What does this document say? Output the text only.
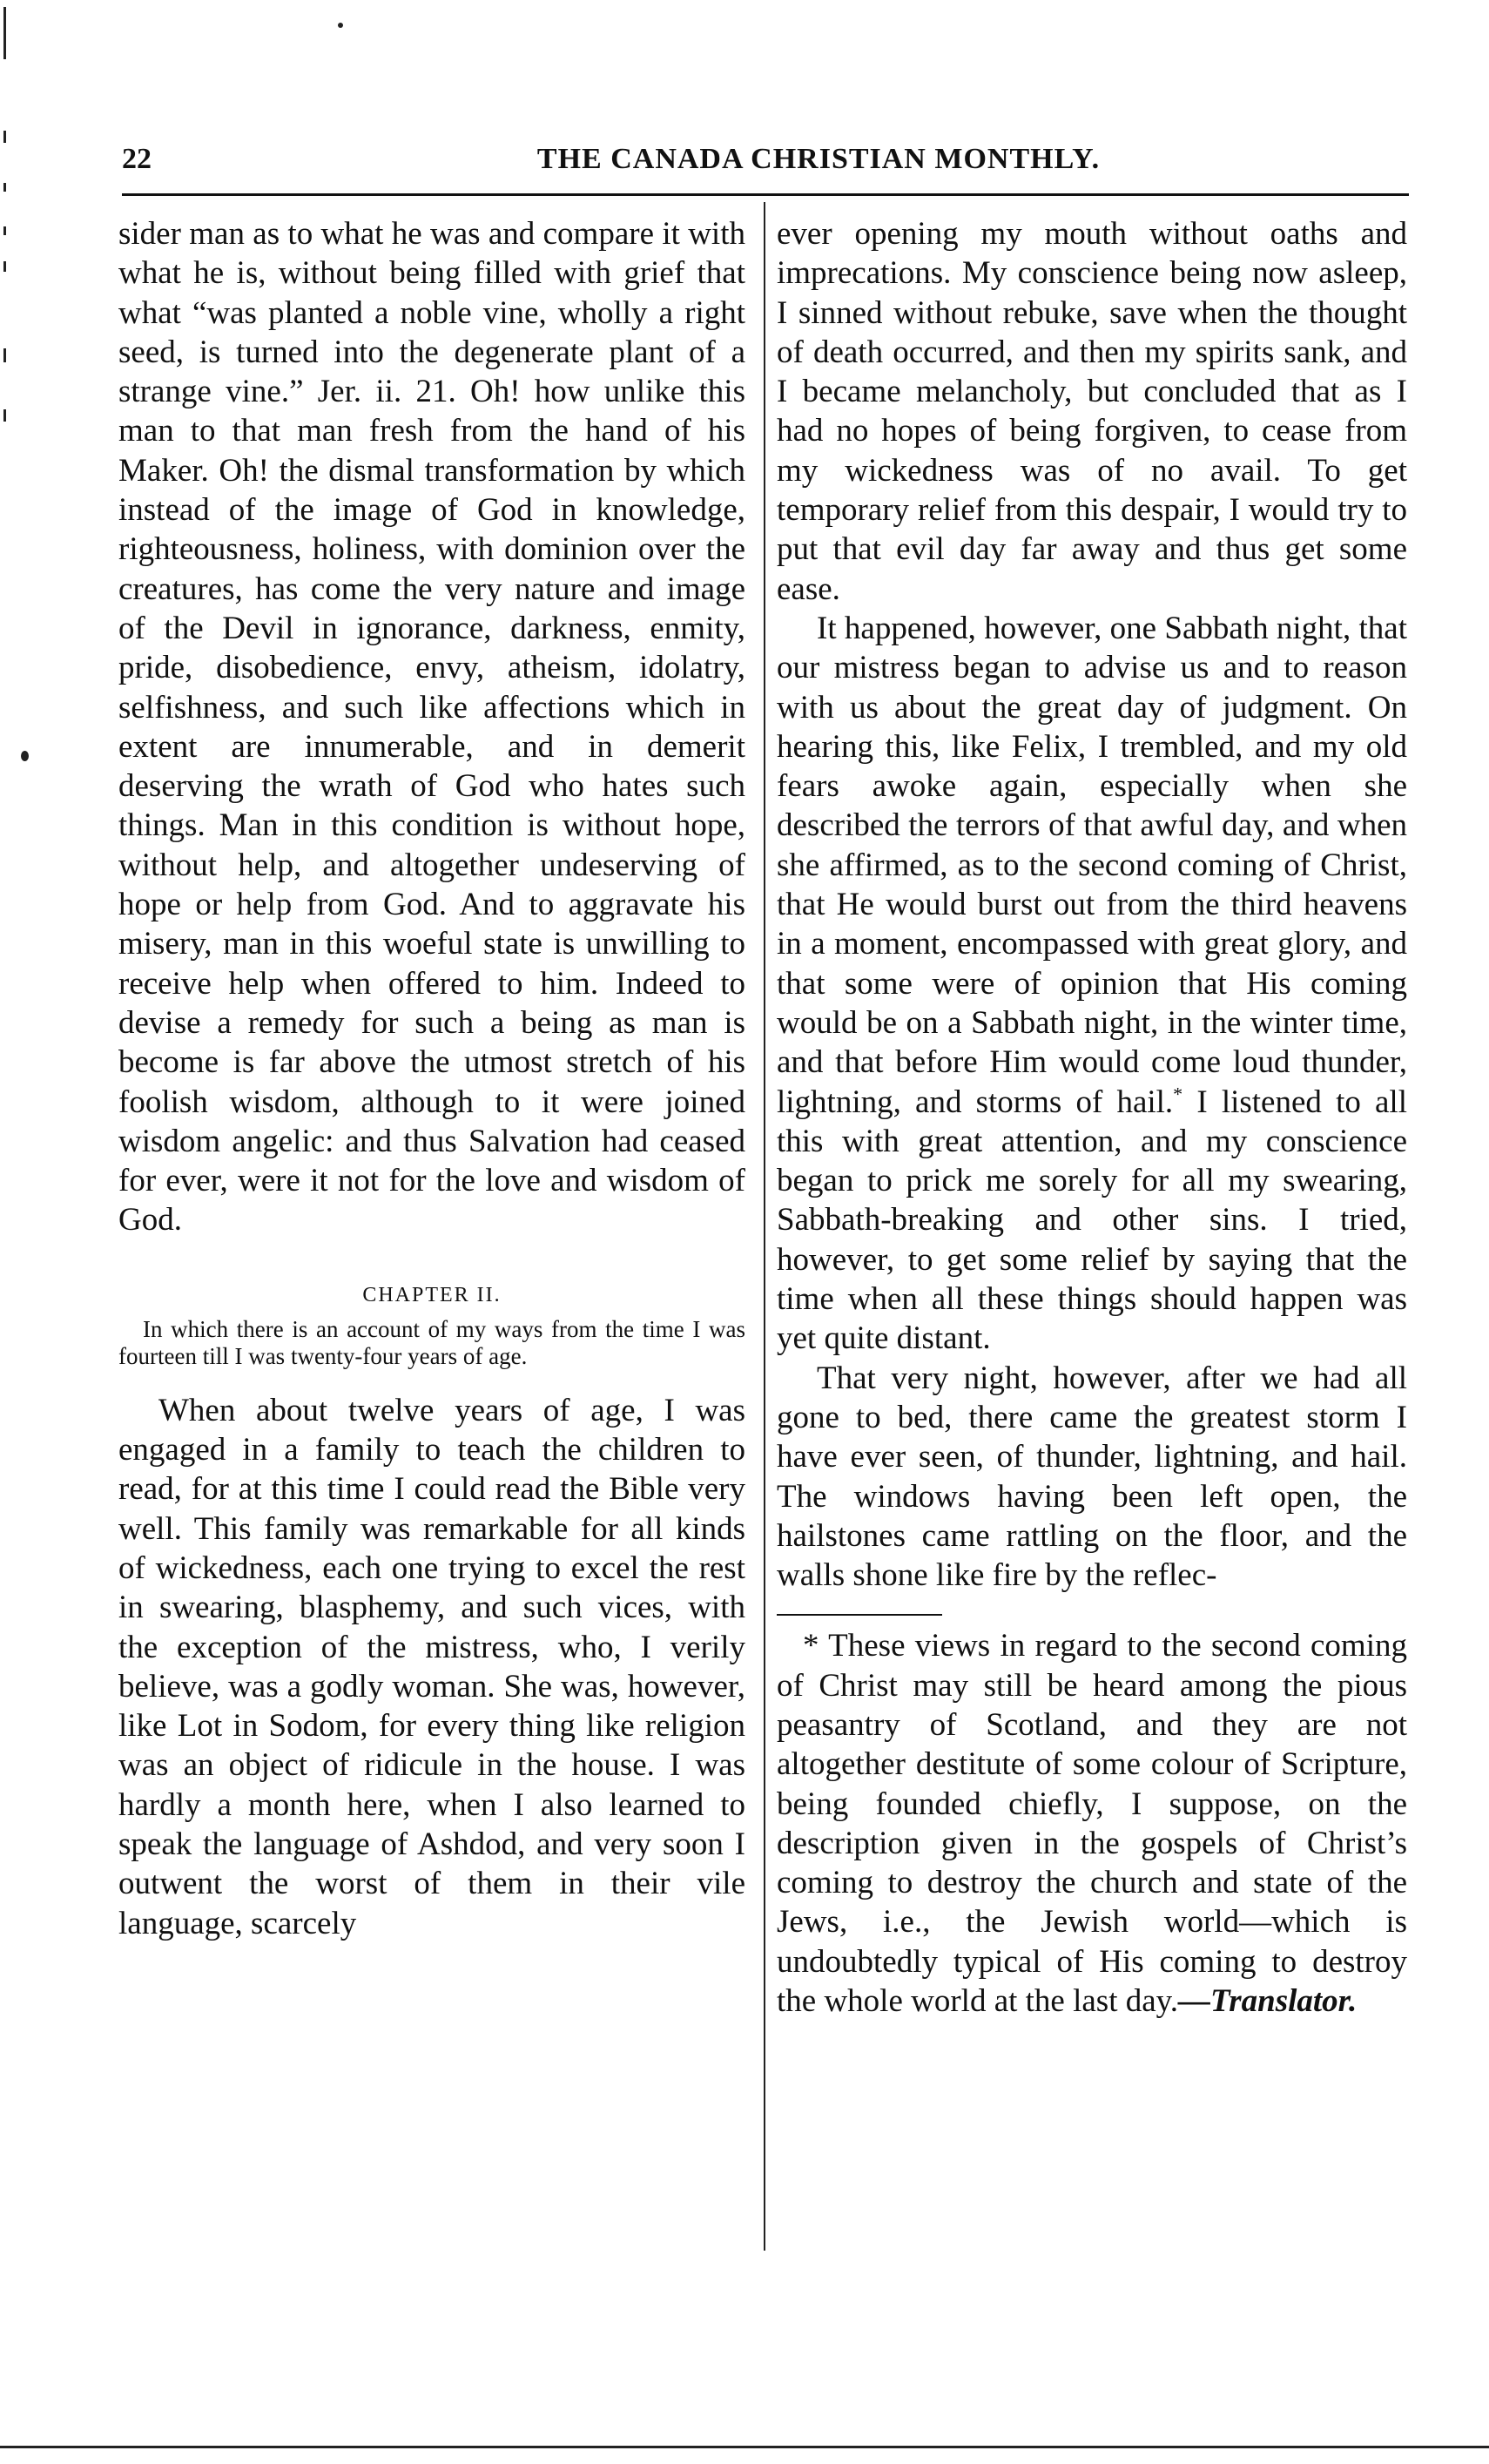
22	THE CANADA CHRISTIAN MONTHLY.

sider man as to what he was and compare it with what he is, without being filled with grief that what “was planted a noble vine, wholly a right seed, is turned into the degenerate plant of a strange vine.” Jer. ii. 21. Oh! how unlike this man to that man fresh from the hand of his Maker. Oh! the dismal transformation by which instead of the image of God in knowledge, righteousness, holiness, with dominion over the creatures, has come the very nature and image of the Devil in ignorance, darkness, enmity, pride, disobedience, envy, atheism, idolatry, selfishness, and such like affections which in extent are innumerable, and in demerit deserving the wrath of God who hates such things. Man in this condition is without hope, without help, and altogether undeserving of hope or help from God. And to aggravate his misery, man in this woeful state is unwilling to receive help when offered to him. Indeed to devise a remedy for such a being as man is become is far above the utmost stretch of his foolish wisdom, although to it were joined wisdom angelic: and thus Salvation had ceased for ever, were it not for the love and wisdom of God.

CHAPTER II.
In which there is an account of my ways from the time I was fourteen till I was twenty-four years of age.

When about twelve years of age, I was engaged in a family to teach the children to read, for at this time I could read the Bible very well. This family was remarkable for all kinds of wickedness, each one trying to excel the rest in swearing, blasphemy, and such vices, with the exception of the mistress, who, I verily believe, was a godly woman. She was, however, like Lot in Sodom, for every thing like religion was an object of ridicule in the house. I was hardly a month here, when I also learned to speak the language of Ashdod, and very soon I outwent the worst of them in their vile language, scarcely

ever opening my mouth without oaths and imprecations. My conscience being now asleep, I sinned without rebuke, save when the thought of death occurred, and then my spirits sank, and I became melancholy, but concluded that as I had no hopes of being forgiven, to cease from my wickedness was of no avail. To get temporary relief from this despair, I would try to put that evil day far away and thus get some ease.

It happened, however, one Sabbath night, that our mistress began to advise us and to reason with us about the great day of judgment. On hearing this, like Felix, I trembled, and my old fears awoke again, especially when she described the terrors of that awful day, and when she affirmed, as to the second coming of Christ, that He would burst out from the third heavens in a moment, encompassed with great glory, and that some were of opinion that His coming would be on a Sabbath night, in the winter time, and that before Him would come loud thunder, lightning, and storms of hail.* I listened to all this with great attention, and my conscience began to prick me sorely for all my swearing, Sabbath-breaking and other sins. I tried, however, to get some relief by saying that the time when all these things should happen was yet quite distant.

That very night, however, after we had all gone to bed, there came the greatest storm I have ever seen, of thunder, lightning, and hail. The windows having been left open, the hailstones came rattling on the floor, and the walls shone like fire by the reflec-

* These views in regard to the second coming of Christ may still be heard among the pious peasantry of Scotland, and they are not altogether destitute of some colour of Scripture, being founded chiefly, I suppose, on the description given in the gospels of Christ’s coming to destroy the church and state of the Jews, i.e., the Jewish world—which is undoubtedly typical of His coming to destroy the whole world at the last day.—Translator.
